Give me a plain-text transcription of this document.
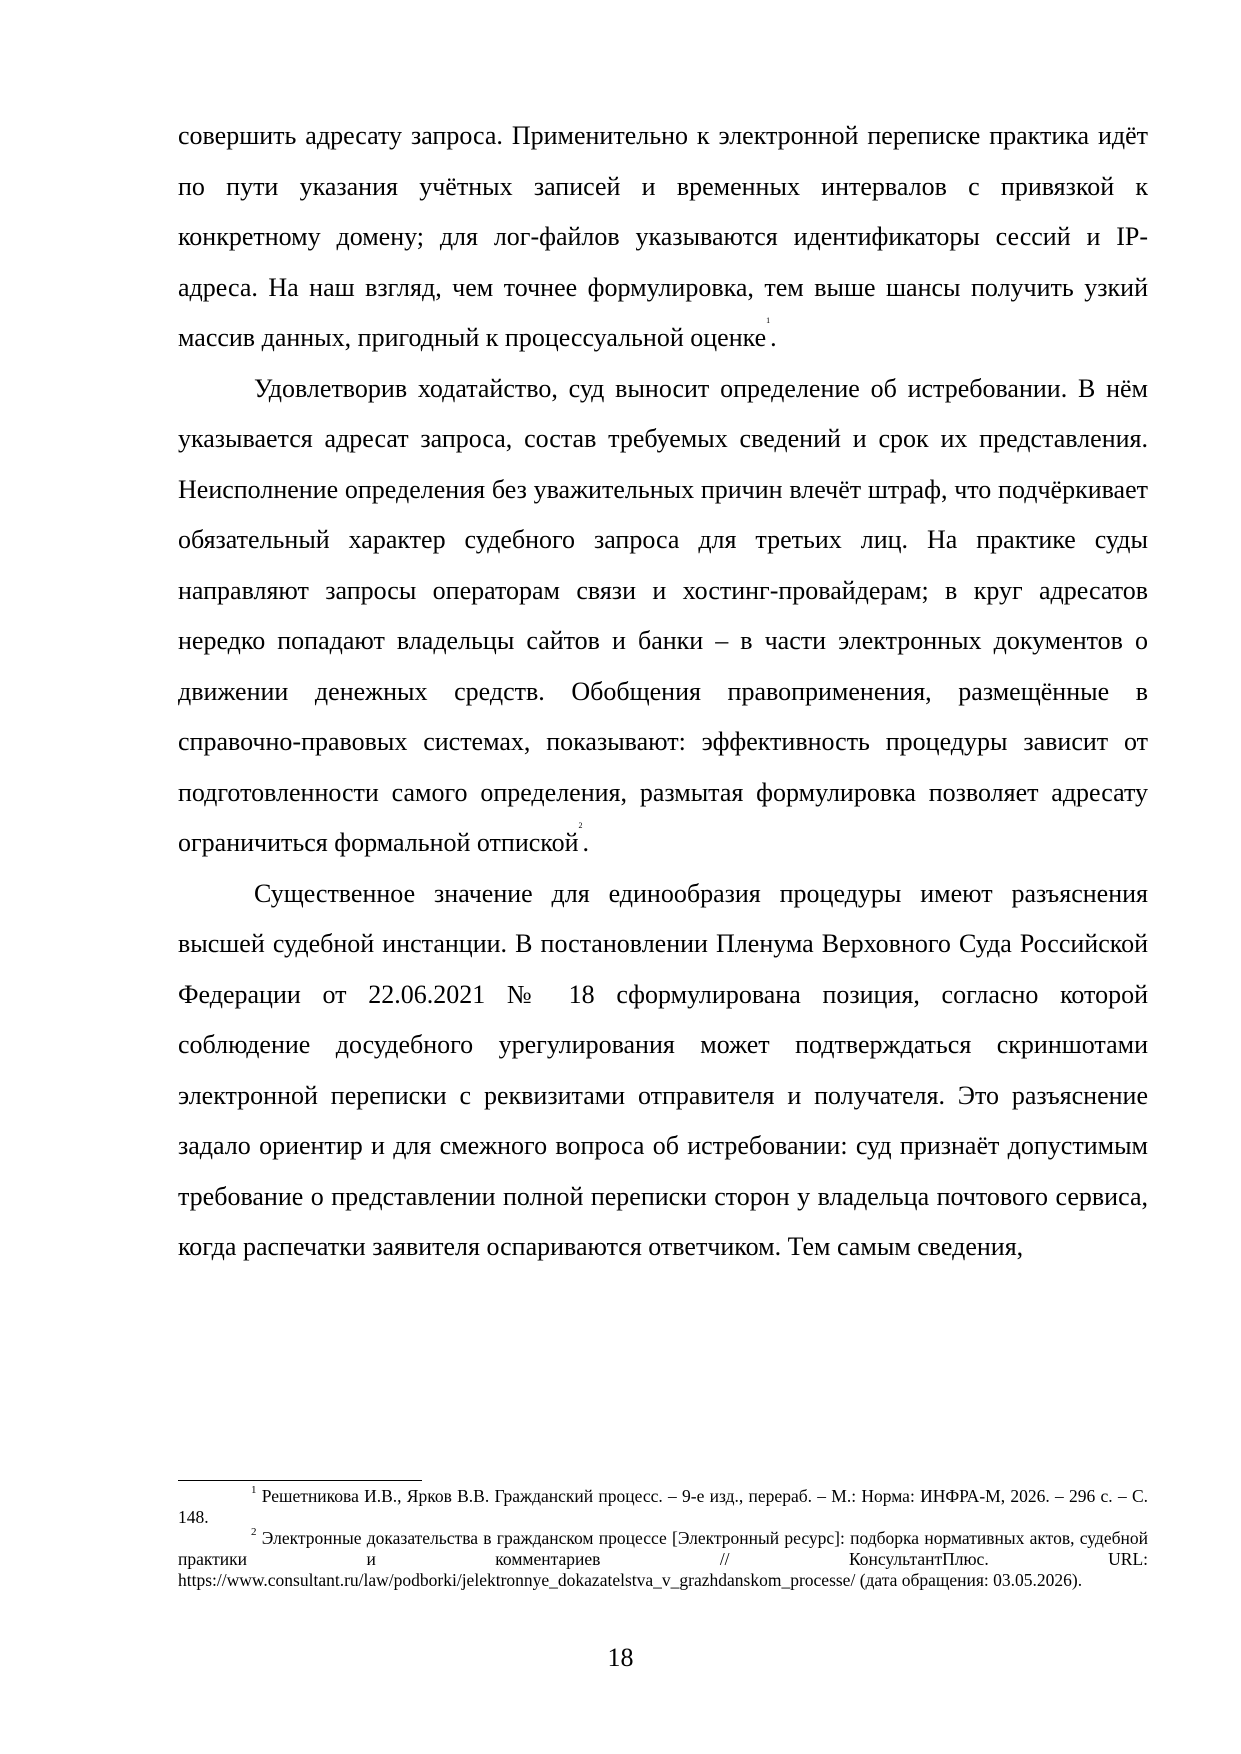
совершить адресату запроса. Применительно к электронной переписке практика идёт по пути указания учётных записей и временных интервалов с привязкой к конкретному домену; для лог-файлов указываются идентификаторы сессий и IP-адреса. На наш взгляд, чем точнее формулировка, тем выше шансы получить узкий массив данных, пригодный к процессуальной оценке$^1$.

Удовлетворив ходатайство, суд выносит определение об истребовании. В нём указывается адресат запроса, состав требуемых сведений и срок их представления. Неисполнение определения без уважительных причин влечёт штраф, что подчёркивает обязательный характер судебного запроса для третьих лиц. На практике суды направляют запросы операторам связи и хостинг-провайдерам; в круг адресатов нередко попадают владельцы сайтов и банки – в части электронных документов о движении денежных средств. Обобщения правоприменения, размещённые в справочно-правовых системах, показывают: эффективность процедуры зависит от подготовленности самого определения, размытая формулировка позволяет адресату ограничиться формальной отпиской$^2$.

Существенное значение для единообразия процедуры имеют разъяснения высшей судебной инстанции. В постановлении Пленума Верховного Суда Российской Федерации от 22.06.2021 № 18 сформулирована позиция, согласно которой соблюдение досудебного урегулирования может подтверждаться скриншотами электронной переписки с реквизитами отправителя и получателя. Это разъяснение задало ориентир и для смежного вопроса об истребовании: суд признаёт допустимым требование о представлении полной переписки сторон у владельца почтового сервиса, когда распечатки заявителя оспариваются ответчиком. Тем самым сведения,

$^1$ Решетникова И.В., Ярков В.В. Гражданский процесс. – 9-е изд., перераб. – М.: Норма: ИНФРА-М, 2026. – 296 с. – С. 148.

$^2$ Электронные доказательства в гражданском процессе [Электронный ресурс]: подборка нормативных актов, судебной практики и комментариев // КонсультантПлюс. URL: https://www.consultant.ru/law/podborki/jelektronnye_dokazatelstva_v_grazhdanskom_processe/ (дата обращения: 03.05.2026).

18
